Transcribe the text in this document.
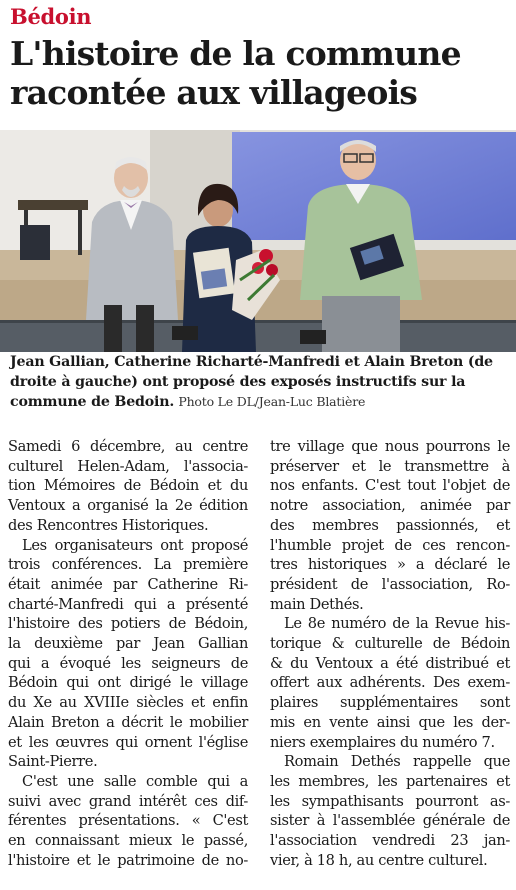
Bédoin
L'histoire de la commune
racontée aux villageois
Jean Gallian, Catherine Richarté-Manfredi et Alain Breton (de droite à gauche) ont proposé des exposés instructifs sur la commune de Bedoin. Photo Le DL/Jean-Luc Blatière

Samedi 6 décembre, au centre
culturel Helen-Adam, l'associa-
tion Mémoires de Bédoin et du
Ventoux a organisé la 2e édition
des Rencontres Historiques.

Les organisateurs ont proposé
trois conférences. La première
était animée par Catherine Ri-
charté-Manfredi qui a présenté
l'histoire des potiers de Bédoin,
la deuxième par Jean Gallian
qui a évoqué les seigneurs de
Bédoin qui ont dirigé le village
du Xe au XVIIIe siècles et enfin
Alain Breton a décrit le mobilier
et les œuvres qui ornent l'église
Saint-Pierre.

C'est une salle comble qui a
suivi avec grand intérêt ces dif-
férentes présentations. « C'est
en connaissant mieux le passé,
l'histoire et le patrimoine de no-

tre village que nous pourrons le
préserver et le transmettre à
nos enfants. C'est tout l'objet de
notre association, animée par
des membres passionnés, et
l'humble projet de ces rencon-
tres historiques » a déclaré le
président de l'association, Ro-
main Dethés.

Le 8e numéro de la Revue his-
torique & culturelle de Bédoin
& du Ventoux a été distribué et
offert aux adhérents. Des exem-
plaires supplémentaires sont
mis en vente ainsi que les der-
niers exemplaires du numéro 7.

Romain Dethés rappelle que
les membres, les partenaires et
les sympathisants pourront as-
sister à l'assemblée générale de
l'association vendredi 23 jan-
vier, à 18 h, au centre culturel.
